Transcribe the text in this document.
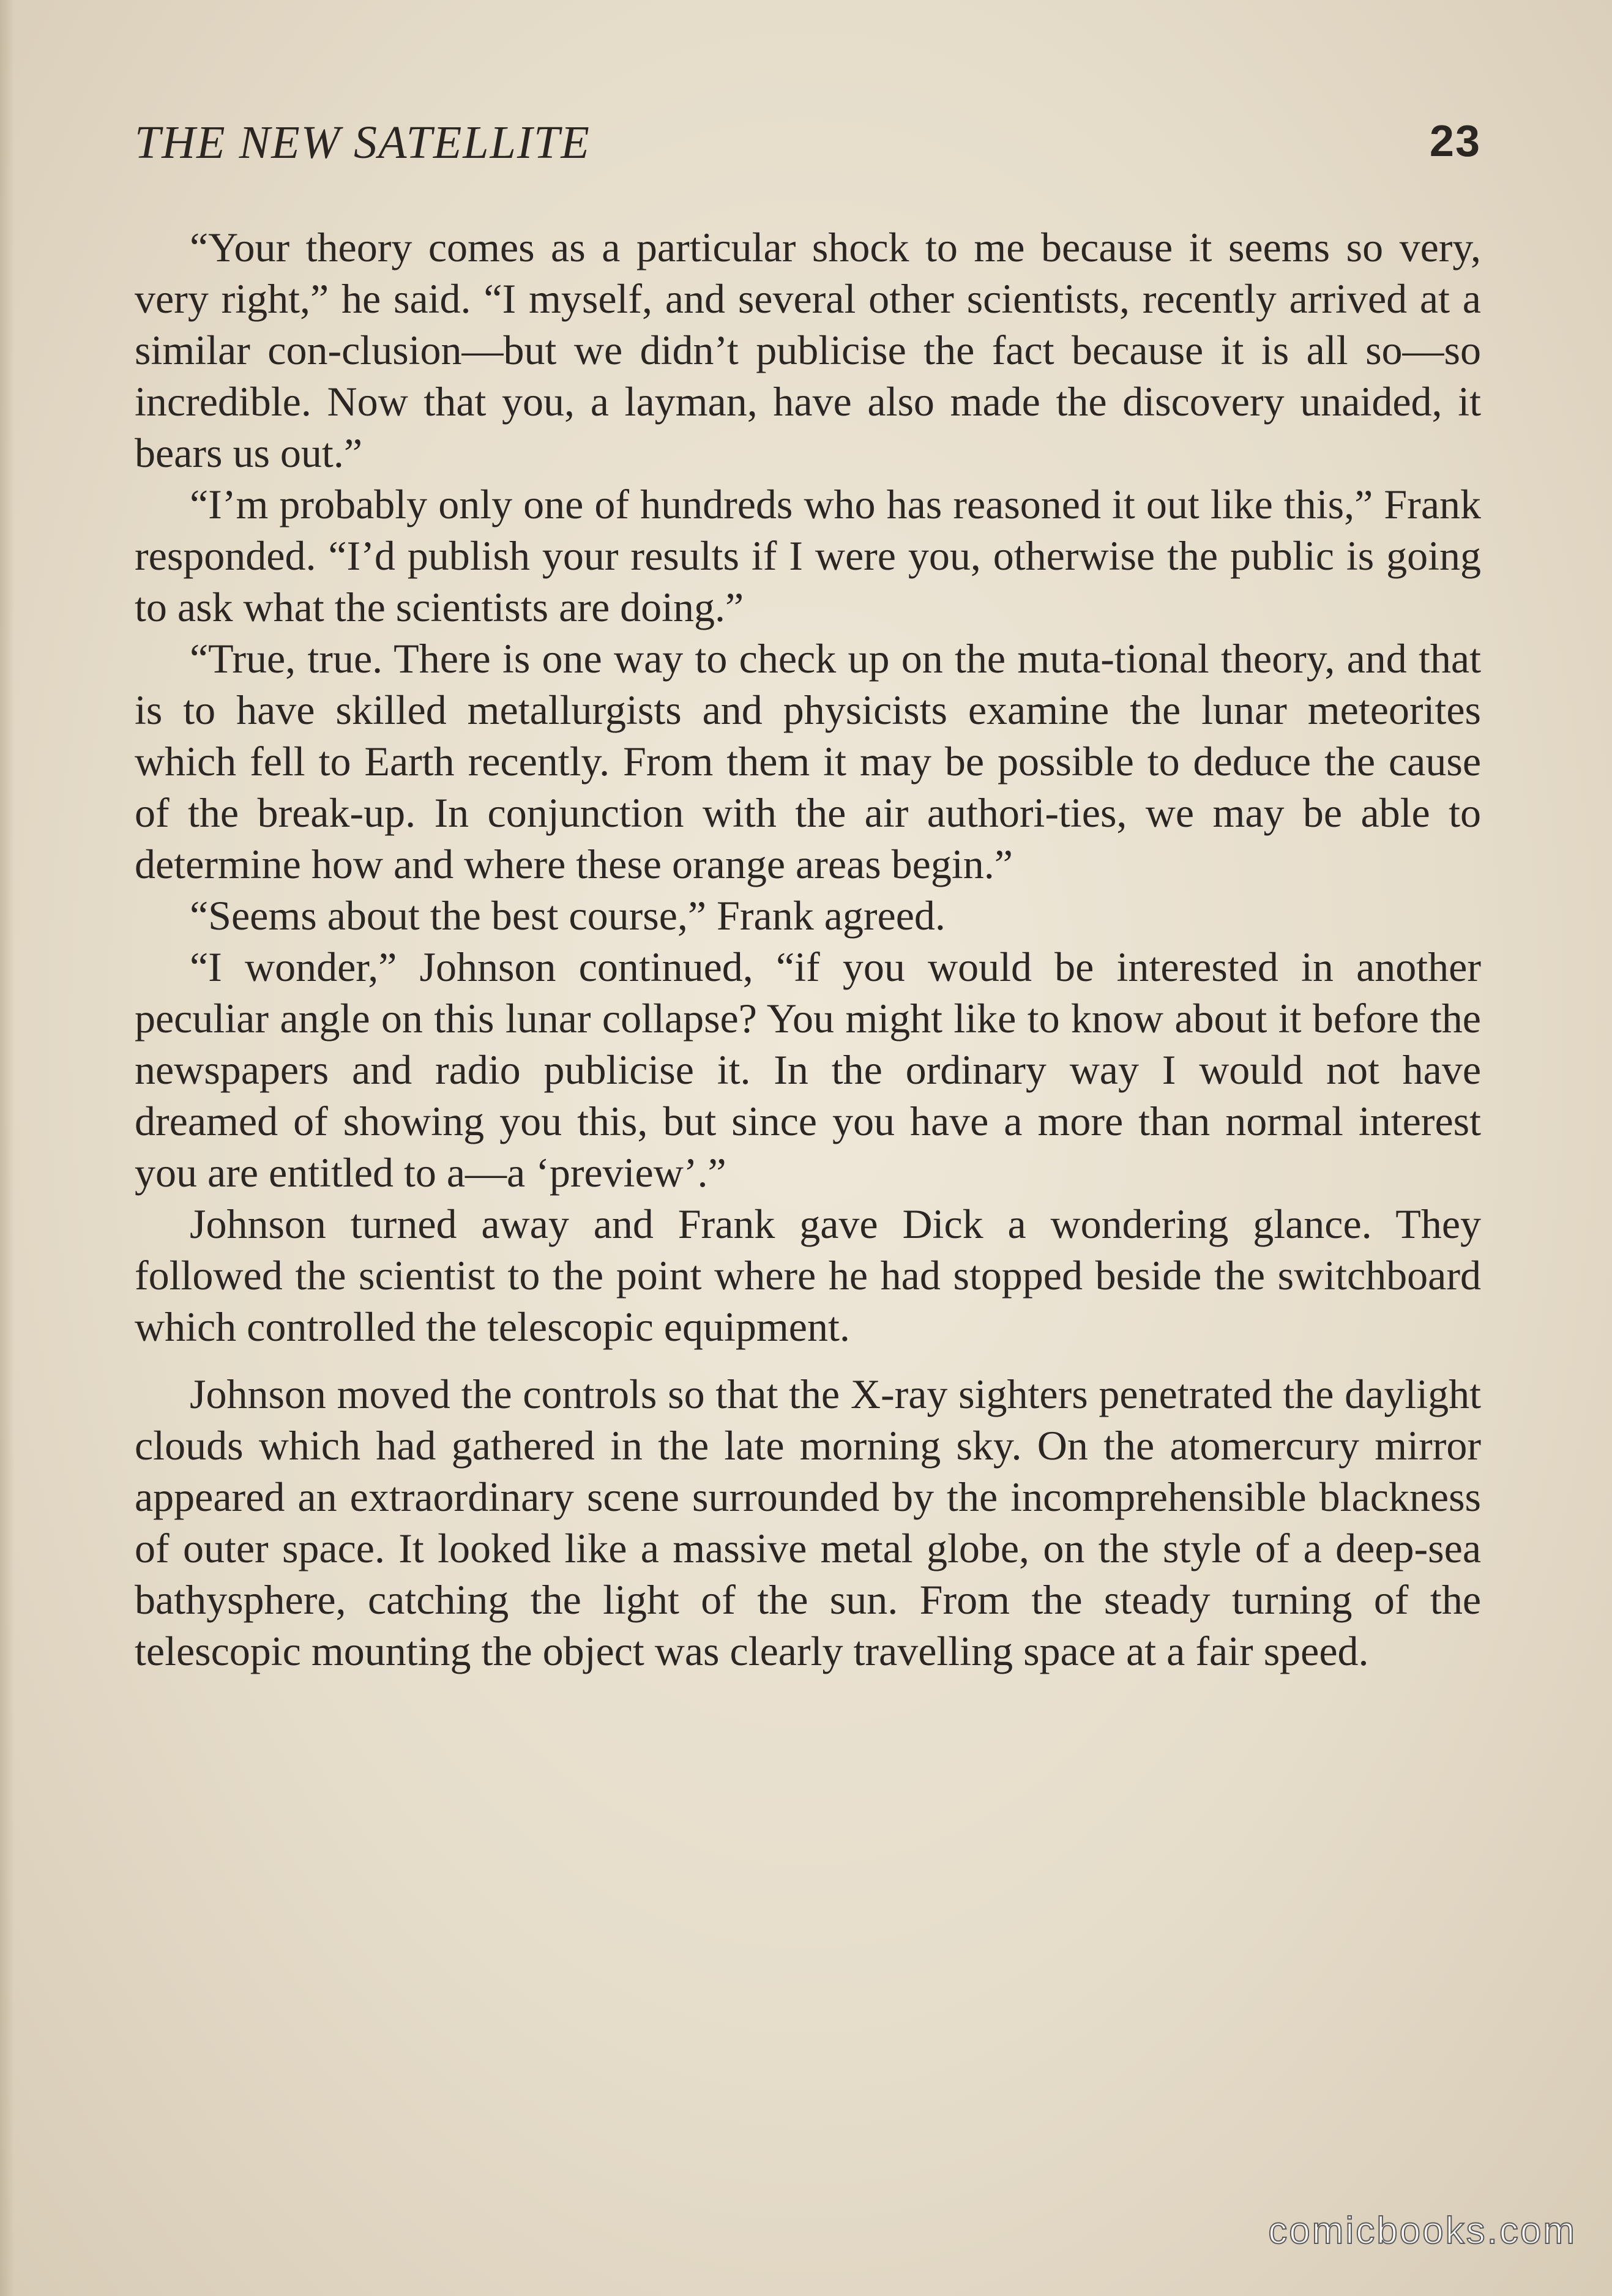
THE NEW SATELLITE	23

“Your theory comes as a particular shock to me because it seems so very, very right,” he said. “I myself, and several other scientists, recently arrived at a similar con-clusion—but we didn’t publicise the fact because it is all so—so incredible. Now that you, a layman, have also made the discovery unaided, it bears us out.”

“I’m probably only one of hundreds who has reasoned it out like this,” Frank responded. “I’d publish your results if I were you, otherwise the public is going to ask what the scientists are doing.”

“True, true. There is one way to check up on the muta-tional theory, and that is to have skilled metallurgists and physicists examine the lunar meteorites which fell to Earth recently. From them it may be possible to deduce the cause of the break-up. In conjunction with the air authori-ties, we may be able to determine how and where these orange areas begin.”

“Seems about the best course,” Frank agreed.

“I wonder,” Johnson continued, “if you would be interested in another peculiar angle on this lunar collapse? You might like to know about it before the newspapers and radio publicise it. In the ordinary way I would not have dreamed of showing you this, but since you have a more than normal interest you are entitled to a—a ‘preview’.”

Johnson turned away and Frank gave Dick a wondering glance. They followed the scientist to the point where he had stopped beside the switchboard which controlled the telescopic equipment.

Johnson moved the controls so that the X-ray sighters penetrated the daylight clouds which had gathered in the late morning sky. On the atomercury mirror appeared an extraordinary scene surrounded by the incomprehensible blackness of outer space. It looked like a massive metal globe, on the style of a deep-sea bathysphere, catching the light of the sun. From the steady turning of the telescopic mounting the object was clearly travelling space at a fair speed.

comicbooks.com
